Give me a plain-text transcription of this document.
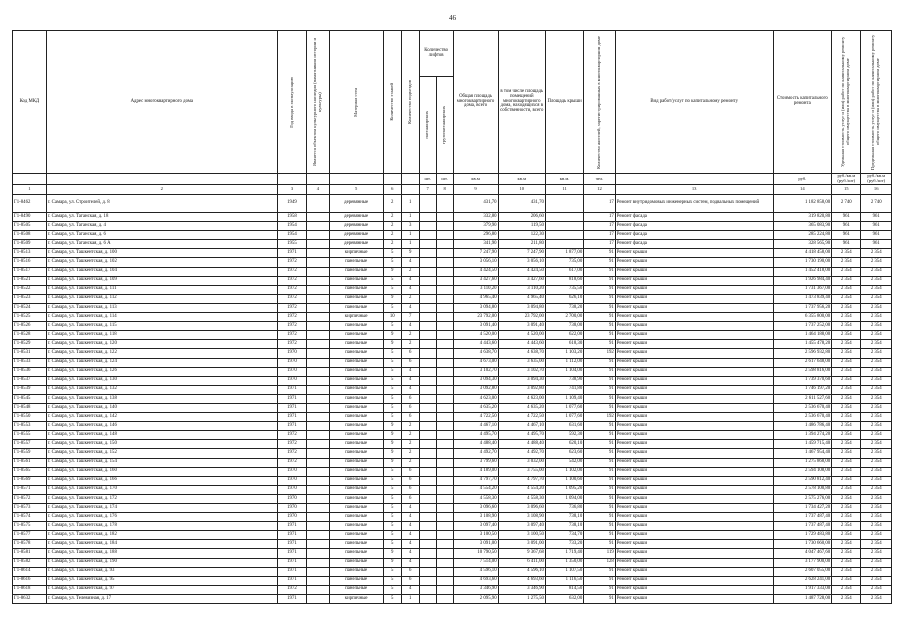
46
Код МКД	Адрес многоквартирного дома	Год ввода в эксплуатацию	Является объектом культурного наследия (памятником истории и культуры)	Материал стен	Количество этажей	Количество подъездов	Количество лифтов		Общая площадь многоквартирного дома, всего	в том числе площадь помещений многоквартирного дома, находящихся в собственности, всего	Площадь крыши	Количество жителей, зарегистрированных в многоквартирном доме	Вид работ/услуг по капитальному ремонту	Стоимость капитального ремонта	Удельная стоимость услуг и (или) работ по капитальному ремонту общего имущества в многоквартирном доме	Предельная стоимость услуг и (или) работ по капитальному ремонту общего имущества в многоквартирном доме

							пассажирских	грузопассажирских								

							шт.	шт.	кв.м	кв.м	кв.м.	чел.		руб.	руб./кв.м (руб./шт)	руб./кв.м (руб./шт)
1	2	3	4	5	6		7	8	9	10	11	12	13	14	15	16
Г1-8462	г. Самара, ул. Строителей, д. 8	1949		деревянные	2	1			431,70	431,70		17	Ремонт внутридомовых инженерных систем, подвальных помещений	1 182 858,00	2 740	2 740
Г1-8490	г. Самара, ул. Таганская, д. 18	1958		деревянные	2	1			332,80	206,60		17	Ремонт фасада	319 820,80	961	961
Г1-8505	г. Самара, ул. Таганская, д. 4	1954		деревянные	2	3			379,90	119,50		17	Ремонт фасада	365 083,90	961	961
Г1-8508	г. Самара, ул. Таганская, д. 6	1954		деревянные	2	1			296,80	122,30		17	Ремонт фасада	285 224,80	961	961
Г1-8509	г. Самара, ул. Таганская, д. 6 А	1955		деревянные	2	1			341,90	211,80		17	Ремонт фасада	328 565,90	961	961
Г1-8513	г. Самара, ул. Ташкентская, д. 100	1971		кирпичные	5	9			7 247,90	7 247,90	1 877,00	91	Ремонт крыши	4 418 458,00	2 354	2 354
Г1-8516	г. Самара, ул. Ташкентская, д. 102	1972		панельные	5	4			3 056,10	3 056,10	735,00	91	Ремонт крыши	1 730 190,00	2 354	2 354
Г1-8517	г. Самара, ул. Ташкентская, д. 104	1972		панельные	9	2			4 424,50	4 424,50	617,00	91	Ремонт крыши	1 452 418,00	2 354	2 354
Г1-8521	г. Самара, ул. Ташкентская, д. 109	1972		панельные	5	4			3 427,60	3 427,60	818,60	91	Ремонт крыши	1 926 984,40	2 354	2 354
Г1-8522	г. Самара, ул. Ташкентская, д. 111	1972		панельные	5	4			3 110,20	3 110,20	735,50	91	Ремонт крыши	1 731 367,00	2 354	2 354
Г1-8523	г. Самара, ул. Ташкентская, д. 112	1972		панельные	9	2			4 965,40	4 965,40	626,10	91	Ремонт крыши	1 473 839,40	2 354	2 354
Г1-8524	г. Самара, ул. Ташкентская, д. 113	1972		панельные	5	4			3 094,80	3 094,80	738,20	91	Ремонт крыши	1 737 956,20	2 354	2 354
Г1-8525	г. Самара, ул. Ташкентская, д. 114	1972		кирпичные	10	7			23 792,00	23 792,00	2 700,00	91	Ремонт крыши	6 355 800,00	2 354	2 354
Г1-8526	г. Самара, ул. Ташкентская, д. 115	1972		панельные	5	4			3 091,40	3 091,40	738,00	91	Ремонт крыши	1 737 252,00	2 354	2 354
Г1-8528	г. Самара, ул. Ташкентская, д. 118	1972		панельные	9	2			4 520,00	4 520,00	622,00	91	Ремонт крыши	1 464 188,00	2 354	2 354
Г1-8529	г. Самара, ул. Ташкентская, д. 120	1972		панельные	9	2			4 443,60	4 443,60	618,30	91	Ремонт крыши	1 455 478,20	2 354	2 354
Г1-8531	г. Самара, ул. Ташкентская, д. 122	1970		панельные	5	6			4 638,70	4 638,70	1 103,20	192	Ремонт крыши	2 596 932,80	2 354	2 354
Г1-8533	г. Самара, ул. Ташкентская, д. 124	1970		панельные	5	6			4 673,00	3 635,00	1 112,00	91	Ремонт крыши	2 617 648,00	2 354	2 354
Г1-8536	г. Самара, ул. Ташкентская, д. 126	1970		панельные	5	4			3 102,70	3 102,70	1 104,00	91	Ремонт крыши	2 598 816,00	2 354	2 354
Г1-8537	г. Самара, ул. Ташкентская, д. 130	1970		панельные	5	4			3 094,30	3 094,30	738,90	91	Ремонт крыши	1 739 370,60	2 354	2 354
Г1-8539	г. Самара, ул. Ташкентская, д. 132	1971		панельные	5	4			3 092,80	3 092,80	741,80	91	Ремонт крыши	1 746 197,20	2 354	2 354
Г1-8545	г. Самара, ул. Ташкентская, д. 138	1971		панельные	5	6			4 623,00	4 623,00	1 109,40	91	Ремонт крыши	2 611 527,60	2 354	2 354
Г1-8548	г. Самара, ул. Ташкентская, д. 140	1971		панельные	5	6			4 635,20	4 635,20	1 077,60	91	Ремонт крыши	2 536 670,40	2 354	2 354
Г1-8550	г. Самара, ул. Ташкентская, д. 142	1971		панельные	5	6			4 722,50	4 722,50	1 077,60	192	Ремонт крыши	2 536 670,40	2 354	2 354
Г1-8553	г. Самара, ул. Ташкентская, д. 146	1971		панельные	9	2			4 467,10	4 467,10	631,60	91	Ремонт крыши	1 486 786,40	2 354	2 354
Г1-8555	г. Самара, ул. Ташкентская, д. 148	1972		панельные	9	2			4 495,70	4 495,70	592,30	91	Ремонт крыши	1 394 274,20	2 354	2 354
Г1-8557	г. Самара, ул. Ташкентская, д. 150	1972		панельные	9	2			4 488,40	4 488,40	620,10	91	Ремонт крыши	1 459 715,40	2 354	2 354
Г1-8559	г. Самара, ул. Ташкентская, д. 152	1972		панельные	9	2			4 492,70	4 492,70	623,60	91	Ремонт крыши	1 467 954,40	2 354	2 354
Г1-8561	г. Самара, ул. Ташкентская, д. 154	1972		панельные	9	2			3 799,60	3 032,00	542,00	91	Ремонт крыши	1 275 868,00	2 354	2 354
Г1-8565	г. Самара, ул. Ташкентская, д. 160	1970		панельные	5	6			4 189,00	3 755,00	1 102,00	91	Ремонт крыши	2 594 108,00	2 354	2 354
Г1-8569	г. Самара, ул. Ташкентская, д. 166	1970		панельные	5	6			4 797,70	4 797,70	1 100,60	91	Ремонт крыши	2 590 812,40	2 354	2 354
Г1-8571	г. Самара, ул. Ташкентская, д. 170	1970		панельные	5	6			4 554,20	4 554,20	1 095,20	91	Ремонт крыши	2 578 100,80	2 354	2 354
Г1-8572	г. Самара, ул. Ташкентская, д. 172	1970		панельные	5	6			4 558,30	4 558,30	1 094,00	91	Ремонт крыши	2 575 276,00	2 354	2 354
Г1-8573	г. Самара, ул. Ташкентская, д. 174	1970		панельные	5	4			3 096,60	3 096,60	736,80	91	Ремонт крыши	1 734 427,20	2 354	2 354
Г1-8574	г. Самара, ул. Ташкентская, д. 176	1970		панельные	5	4			3 108,90	3 108,90	738,10	91	Ремонт крыши	1 737 487,40	2 354	2 354
Г1-8575	г. Самара, ул. Ташкентская, д. 178	1971		панельные	5	4			3 097,40	3 097,40	738,10	91	Ремонт крыши	1 737 487,40	2 354	2 354
Г1-8577	г. Самара, ул. Ташкентская, д. 182	1971		панельные	5	4			3 100,50	3 100,50	734,70	91	Ремонт крыши	1 729 483,80	2 354	2 354
Г1-8578	г. Самара, ул. Ташкентская, д. 184	1971		панельные	5	4			3 091,00	3 091,00	733,20	91	Ремонт крыши	1 730 660,00	2 354	2 354
Г1-8581	г. Самара, ул. Ташкентская, д. 188	1971		панельные	9	4			10 790,50	9 367,68	1 719,40	119	Ремонт крыши	4 047 467,60	2 354	2 354
Г1-8582	г. Самара, ул. Ташкентская, д. 190	1971		панельные	9	4			7 514,00	6 411,00	1 350,00	128	Ремонт крыши	3 177 900,00	2 354	2 354
Г1-8614	г. Самара, ул. Ташкентская, д. 93	1971		панельные	5	6			4 596,10	4 596,10	1 107,50	91	Ремонт крыши	2 607 055,00	2 354	2 354
Г1-8616	г. Самара, ул. Ташкентская, д. 95	1971		панельные	5	6			4 693,60	4 693,60	1 116,50	91	Ремонт крыши	2 628 241,00	2 354	2 354
Г1-8618	г. Самара, ул. Ташкентская, д. 97	1972		панельные	5	4			3 346,90	3 346,90	814,50	91	Ремонт крыши	1 917 333,00	2 354	2 354
Г1-8632	г. Самара, ул. Телевизная, д. 17	1971		кирпичные	5	1			2 095,90	1 275,50	632,00	91	Ремонт крыши	1 487 728,00	2 354	2 354
